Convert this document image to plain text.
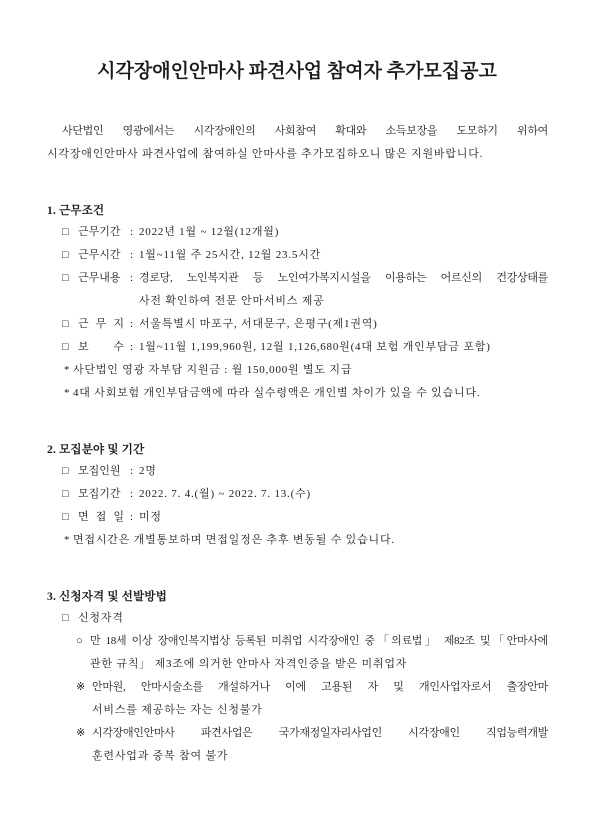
시각장애인안마사 파견사업 참여자 추가모집공고
사단법인 영광에서는 시각장애인의 사회참여 확대와 소득보장을 도모하기 위하여
시각장애인안마사 파견사업에 참여하실 안마사를 추가모집하오니 많은 지원바랍니다.
1. 근무조건
□ 근무기간 : 2022년 1월 ~ 12월(12개월)
□ 근무시간 : 1월~11월 주 25시간, 12월 23.5시간
□ 근무내용 : 경로당, 노인복지관 등 노인여가복지시설을 이용하는 어르신의 건강상태를
사전 확인하여 전문 안마서비스 제공
□ 근 무 지 : 서울특별시 마포구, 서대문구, 은평구(제1권역)
□ 보 수 : 1월~11월 1,199,960원, 12월 1,126,680원(4대 보험 개인부담금 포함)
* 사단법인 영광 자부담 지원금 : 월 150,000원 별도 지급
* 4대 사회보험 개인부담금액에 따라 실수령액은 개인별 차이가 있을 수 있습니다.
2. 모집분야 및 기간
□ 모집인원 : 2명
□ 모집기간 : 2022. 7. 4.(월) ~ 2022. 7. 13.(수)
□ 면 접 일 : 미정
* 면접시간은 개별통보하며 면접일정은 추후 변동될 수 있습니다.
3. 신청자격 및 선발방법
□ 신청자격
○ 만 18세 이상 장애인복지법상 등록된 미취업 시각장애인 중「의료법」 제82조 및「안마사에
관한 규칙」 제3조에 의거한 안마사 자격인증을 받은 미취업자
※ 안마원, 안마시술소를 개설하거나 이에 고용된 자 및 개인사업자로서 출장안마
서비스를 제공하는 자는 신청불가
※ 시각장애인안마사 파견사업은 국가재정일자리사업인 시각장애인 직업능력개발
훈련사업과 중복 참여 불가
